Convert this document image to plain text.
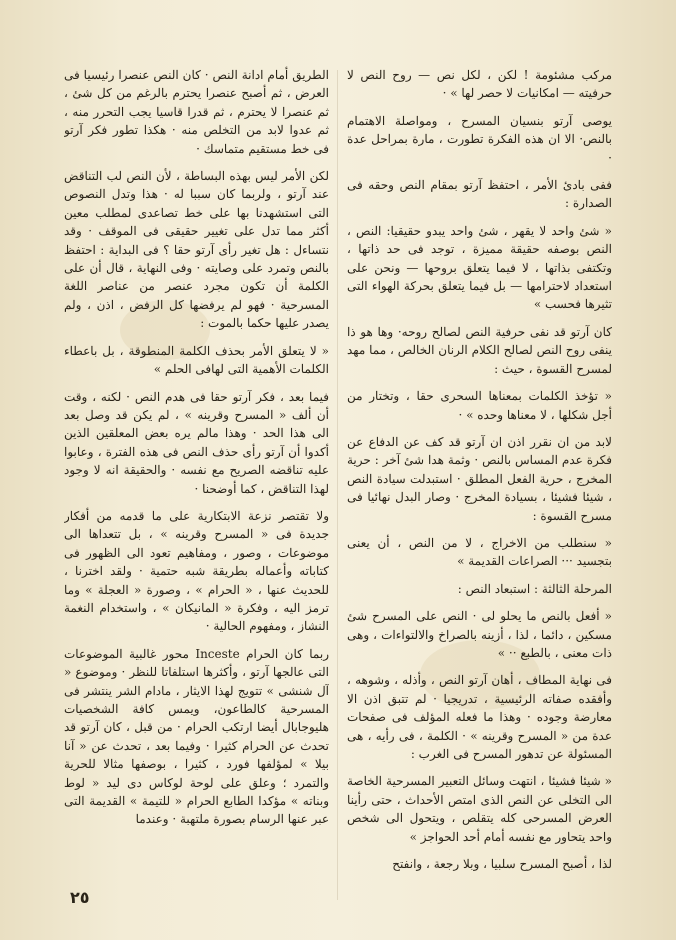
مركب مشئومة ! لكن ، لكل نص — روح النص لا حرفيته — امكانيات لا حصر لها » ·

يوصى آرتو بنسيان المسرح ، ومواصلة الاهتمام بالنص· الا ان هذه الفكرة تطورت ، مارة بمراحل عدة ·

ففى بادئ الأمر ، احتفظ آرتو بمقام النص وحقه فى الصدارة :

« شئ واحد لا يقهر ، شئ واحد يبدو حقيقيا: النص ، النص بوصفه حقيقة مميزة ، توجد فى حد ذاتها ، وتكتفى بذاتها ، لا فيما يتعلق بروحها — ونحن على استعداد لاحترامها — بل فيما يتعلق بحركة الهواء التى تثيرها فحسب »

كان آرتو قد نفى حرفية النص لصالح روحه· وها هو ذا ينفى روح النص لصالح الكلام الرنان الخالص ، مما مهد لمسرح القسوة ، حيث :

« تؤخذ الكلمات بمعناها السحرى حقا ، وتختار من أجل شكلها ، لا معناها وحده » ·

لابد من ان نقرر اذن ان آرتو قد كف عن الدفاع عن فكرة عدم المساس بالنص · وثمة هدا شئ آخر : حرية المخرج ، حرية الفعل المطلق · استبدلت سيادة النص ، شيئا فشيئا ، بسيادة المخرج · وصار البدل نهائيا فى مسرح القسوة :

« سنطلب من الاخراج ، لا من النص ، أن يعنى بتجسيد ··· الصراعات القديمة »

المرحلة الثالثة : استبعاد النص :

« أفعل بالنص ما يحلو لى · النص على المسرح شئ مسكين ، دائما ، لذا ، أزينه بالصراخ والالتواءات ، وهى ذات معنى ، بالطبع ·· »

فى نهاية المطاف ، أهان آرتو النص ، وأذله ، وشوهه ، وأفقده صفاته الرئيسية ، تدريجيا · لم تتبق اذن الا معارضة وجوده · وهذا ما فعله المؤلف فى صفحات عدة من « المسرح وقرينه » · الكلمة ، فى رأيه ، هى المسئولة عن تدهور المسرح فى الغرب :

« شيئا فشيئا ، انتهت وسائل التعبير المسرحية الخاصة الى التخلى عن النص الذى امتص الأحداث ، حتى رأينا العرض المسرحى كله يتقلص ، ويتحول الى شخص واحد يتحاور مع نفسه أمام أحد الحواجز »

لذا ، أصبح المسرح سلبيا ، وبلا رجعة ، وانفتح

الطريق أمام ادانة النص · كان النص عنصرا رئيسيا فى العرض ، ثم أصبح عنصرا يحترم بالرغم من كل شئ ، ثم عنصرا لا يحترم ، ثم قدرا قاسيا يجب التحرر منه ، ثم عدوا لابد من التخلص منه · هكذا تطور فكر آرتو فى خط مستقيم متماسك ·

لكن الأمر ليس بهذه البساطة ، لأن النص لب التناقض عند آرتو ، ولربما كان سببا له · هذا وتدل النصوص التى استشهدنا بها على خط تصاعدى لمطلب معين أكثر مما تدل على تغيير حقيقى فى الموقف · وقد نتساءل : هل تغير رأى آرتو حقا ؟ فى البداية : احتفظ بالنص وتمرد على وصايته · وفى النهاية ، قال أن على الكلمة أن تكون مجرد عنصر من عناصر اللغة المسرحية · فهو لم يرفضها كل الرفض ، اذن ، ولم يصدر عليها حكما بالموت :

« لا يتعلق الأمر بحذف الكلمة المنطوقة ، بل باعطاء الكلمات الأهمية التى لهافى الحلم »

فيما بعد ، فكر آرتو حقا فى هدم النص · لكنه ، وقت أن ألف « المسرح وقرينه » ، لم يكن قد وصل بعد الى هذا الحد · وهذا مالم يره بعض المعلقين الذين أكدوا أن آرتو رأى حذف النص فى هذه الفترة ، وعابوا عليه تناقضه الصريح مع نفسه · والحقيقة انه لا وجود لهذا التناقض ، كما أوضحنا ·

ولا تقتصر نزعة الابتكارية على ما قدمه من أفكار جديدة فى « المسرح وقرينه » ، بل تتعداها الى موضوعات ، وصور ، ومفاهيم تعود الى الظهور فى كتاباته وأعماله بطريقة شبه حتمية · ولقد اخترنا ، للحديث عنها ، « الحرام » ، وصورة « العجلة » وما ترمز اليه ، وفكرة « المانيكان » ، واستخدام النغمة النشاز ، ومفهوم الحالية ·

ربما كان الحرام Inceste محور غالبية الموضوعات التى عالجها آرتو ، وأكثرها استلفاتا للنظر · وموضوع « آل شنشى » تتويج لهذا الايثار ، مادام الشر ينتشر فى المسرحية كالطاعون، ويمس كافة الشخصيات هليوجابال أيضا ارتكب الحرام · من قبل ، كان آرتو قد تحدث عن الحرام كثيرا · وفيما بعد ، تحدث عن « آنا بيلا » لمؤلفها فورد ، كثيرا ، بوصفها مثالا للحرية والتمرد ؛ وعلق على لوحة لوكاس دى ليد « لوط وبناته » مؤكدا الطابع الحرام « للتيمة » القديمة التى عبر عنها الرسام بصورة ملتهبة · وعندما

٢٥
